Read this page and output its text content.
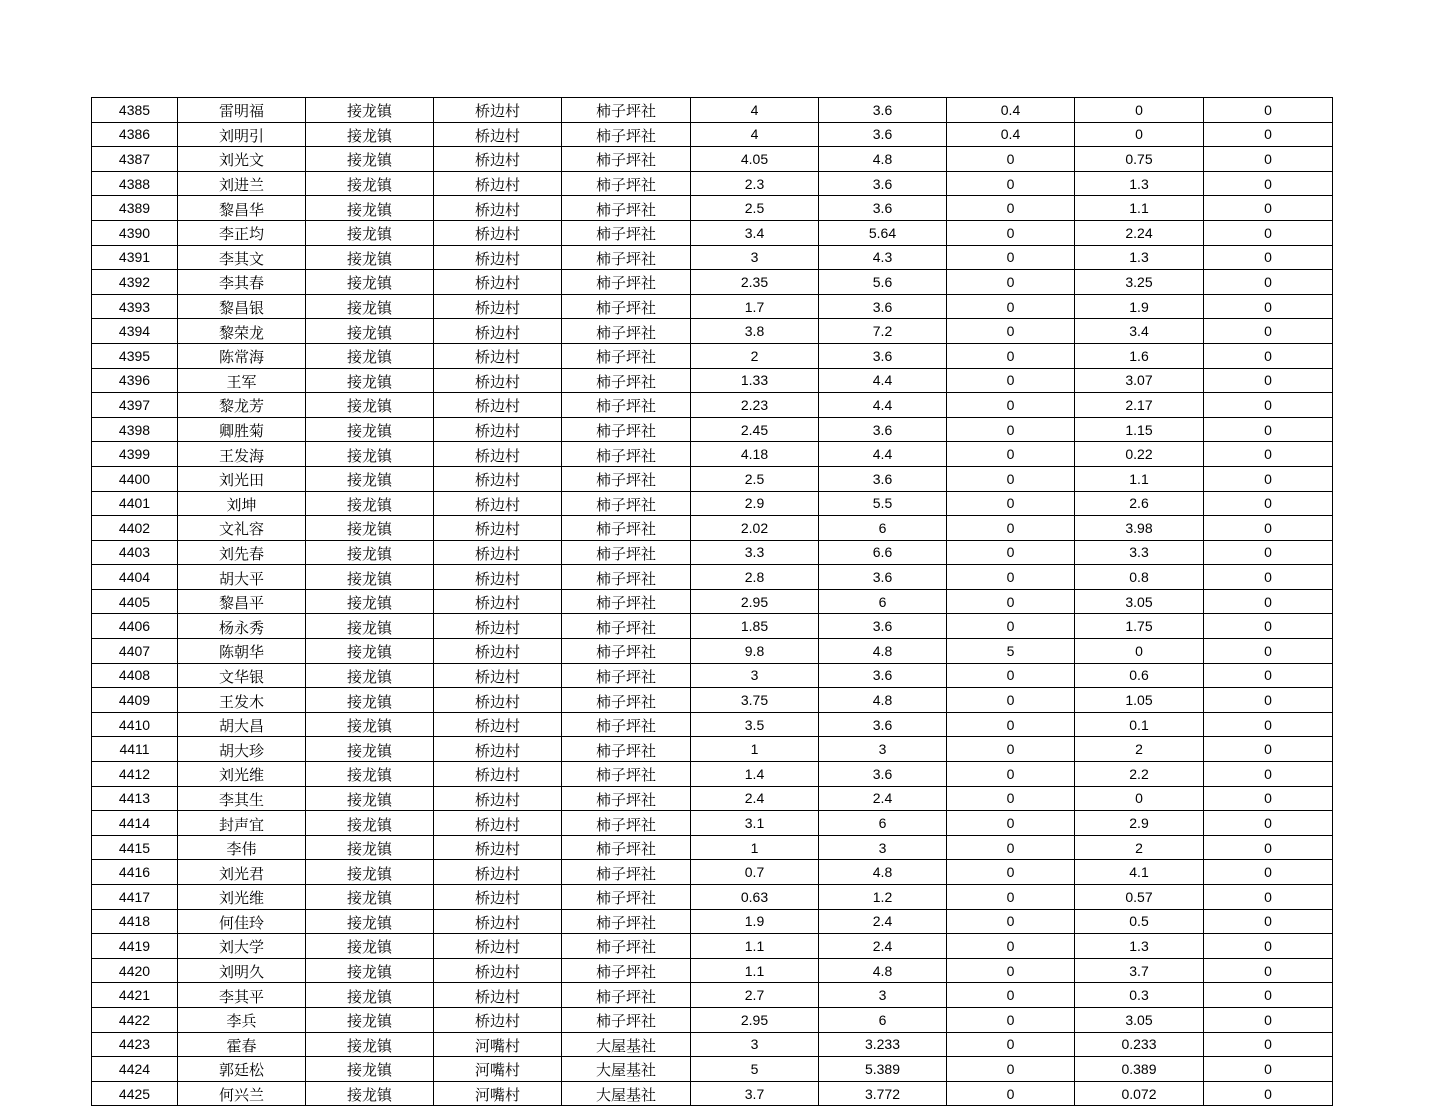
4385	雷明福	接龙镇	桥边村	柿子坪社	4	3.6	0.4	0	0
4386	刘明引	接龙镇	桥边村	柿子坪社	4	3.6	0.4	0	0
4387	刘光文	接龙镇	桥边村	柿子坪社	4.05	4.8	0	0.75	0
4388	刘进兰	接龙镇	桥边村	柿子坪社	2.3	3.6	0	1.3	0
4389	黎昌华	接龙镇	桥边村	柿子坪社	2.5	3.6	0	1.1	0
4390	李正均	接龙镇	桥边村	柿子坪社	3.4	5.64	0	2.24	0
4391	李其文	接龙镇	桥边村	柿子坪社	3	4.3	0	1.3	0
4392	李其春	接龙镇	桥边村	柿子坪社	2.35	5.6	0	3.25	0
4393	黎昌银	接龙镇	桥边村	柿子坪社	1.7	3.6	0	1.9	0
4394	黎荣龙	接龙镇	桥边村	柿子坪社	3.8	7.2	0	3.4	0
4395	陈常海	接龙镇	桥边村	柿子坪社	2	3.6	0	1.6	0
4396	王军	接龙镇	桥边村	柿子坪社	1.33	4.4	0	3.07	0
4397	黎龙芳	接龙镇	桥边村	柿子坪社	2.23	4.4	0	2.17	0
4398	卿胜菊	接龙镇	桥边村	柿子坪社	2.45	3.6	0	1.15	0
4399	王发海	接龙镇	桥边村	柿子坪社	4.18	4.4	0	0.22	0
4400	刘光田	接龙镇	桥边村	柿子坪社	2.5	3.6	0	1.1	0
4401	刘坤	接龙镇	桥边村	柿子坪社	2.9	5.5	0	2.6	0
4402	文礼容	接龙镇	桥边村	柿子坪社	2.02	6	0	3.98	0
4403	刘先春	接龙镇	桥边村	柿子坪社	3.3	6.6	0	3.3	0
4404	胡大平	接龙镇	桥边村	柿子坪社	2.8	3.6	0	0.8	0
4405	黎昌平	接龙镇	桥边村	柿子坪社	2.95	6	0	3.05	0
4406	杨永秀	接龙镇	桥边村	柿子坪社	1.85	3.6	0	1.75	0
4407	陈朝华	接龙镇	桥边村	柿子坪社	9.8	4.8	5	0	0
4408	文华银	接龙镇	桥边村	柿子坪社	3	3.6	0	0.6	0
4409	王发木	接龙镇	桥边村	柿子坪社	3.75	4.8	0	1.05	0
4410	胡大昌	接龙镇	桥边村	柿子坪社	3.5	3.6	0	0.1	0
4411	胡大珍	接龙镇	桥边村	柿子坪社	1	3	0	2	0
4412	刘光维	接龙镇	桥边村	柿子坪社	1.4	3.6	0	2.2	0
4413	李其生	接龙镇	桥边村	柿子坪社	2.4	2.4	0	0	0
4414	封声宜	接龙镇	桥边村	柿子坪社	3.1	6	0	2.9	0
4415	李伟	接龙镇	桥边村	柿子坪社	1	3	0	2	0
4416	刘光君	接龙镇	桥边村	柿子坪社	0.7	4.8	0	4.1	0
4417	刘光维	接龙镇	桥边村	柿子坪社	0.63	1.2	0	0.57	0
4418	何佳玲	接龙镇	桥边村	柿子坪社	1.9	2.4	0	0.5	0
4419	刘大学	接龙镇	桥边村	柿子坪社	1.1	2.4	0	1.3	0
4420	刘明久	接龙镇	桥边村	柿子坪社	1.1	4.8	0	3.7	0
4421	李其平	接龙镇	桥边村	柿子坪社	2.7	3	0	0.3	0
4422	李兵	接龙镇	桥边村	柿子坪社	2.95	6	0	3.05	0
4423	霍春	接龙镇	河嘴村	大屋基社	3	3.233	0	0.233	0
4424	郭廷松	接龙镇	河嘴村	大屋基社	5	5.389	0	0.389	0
4425	何兴兰	接龙镇	河嘴村	大屋基社	3.7	3.772	0	0.072	0
